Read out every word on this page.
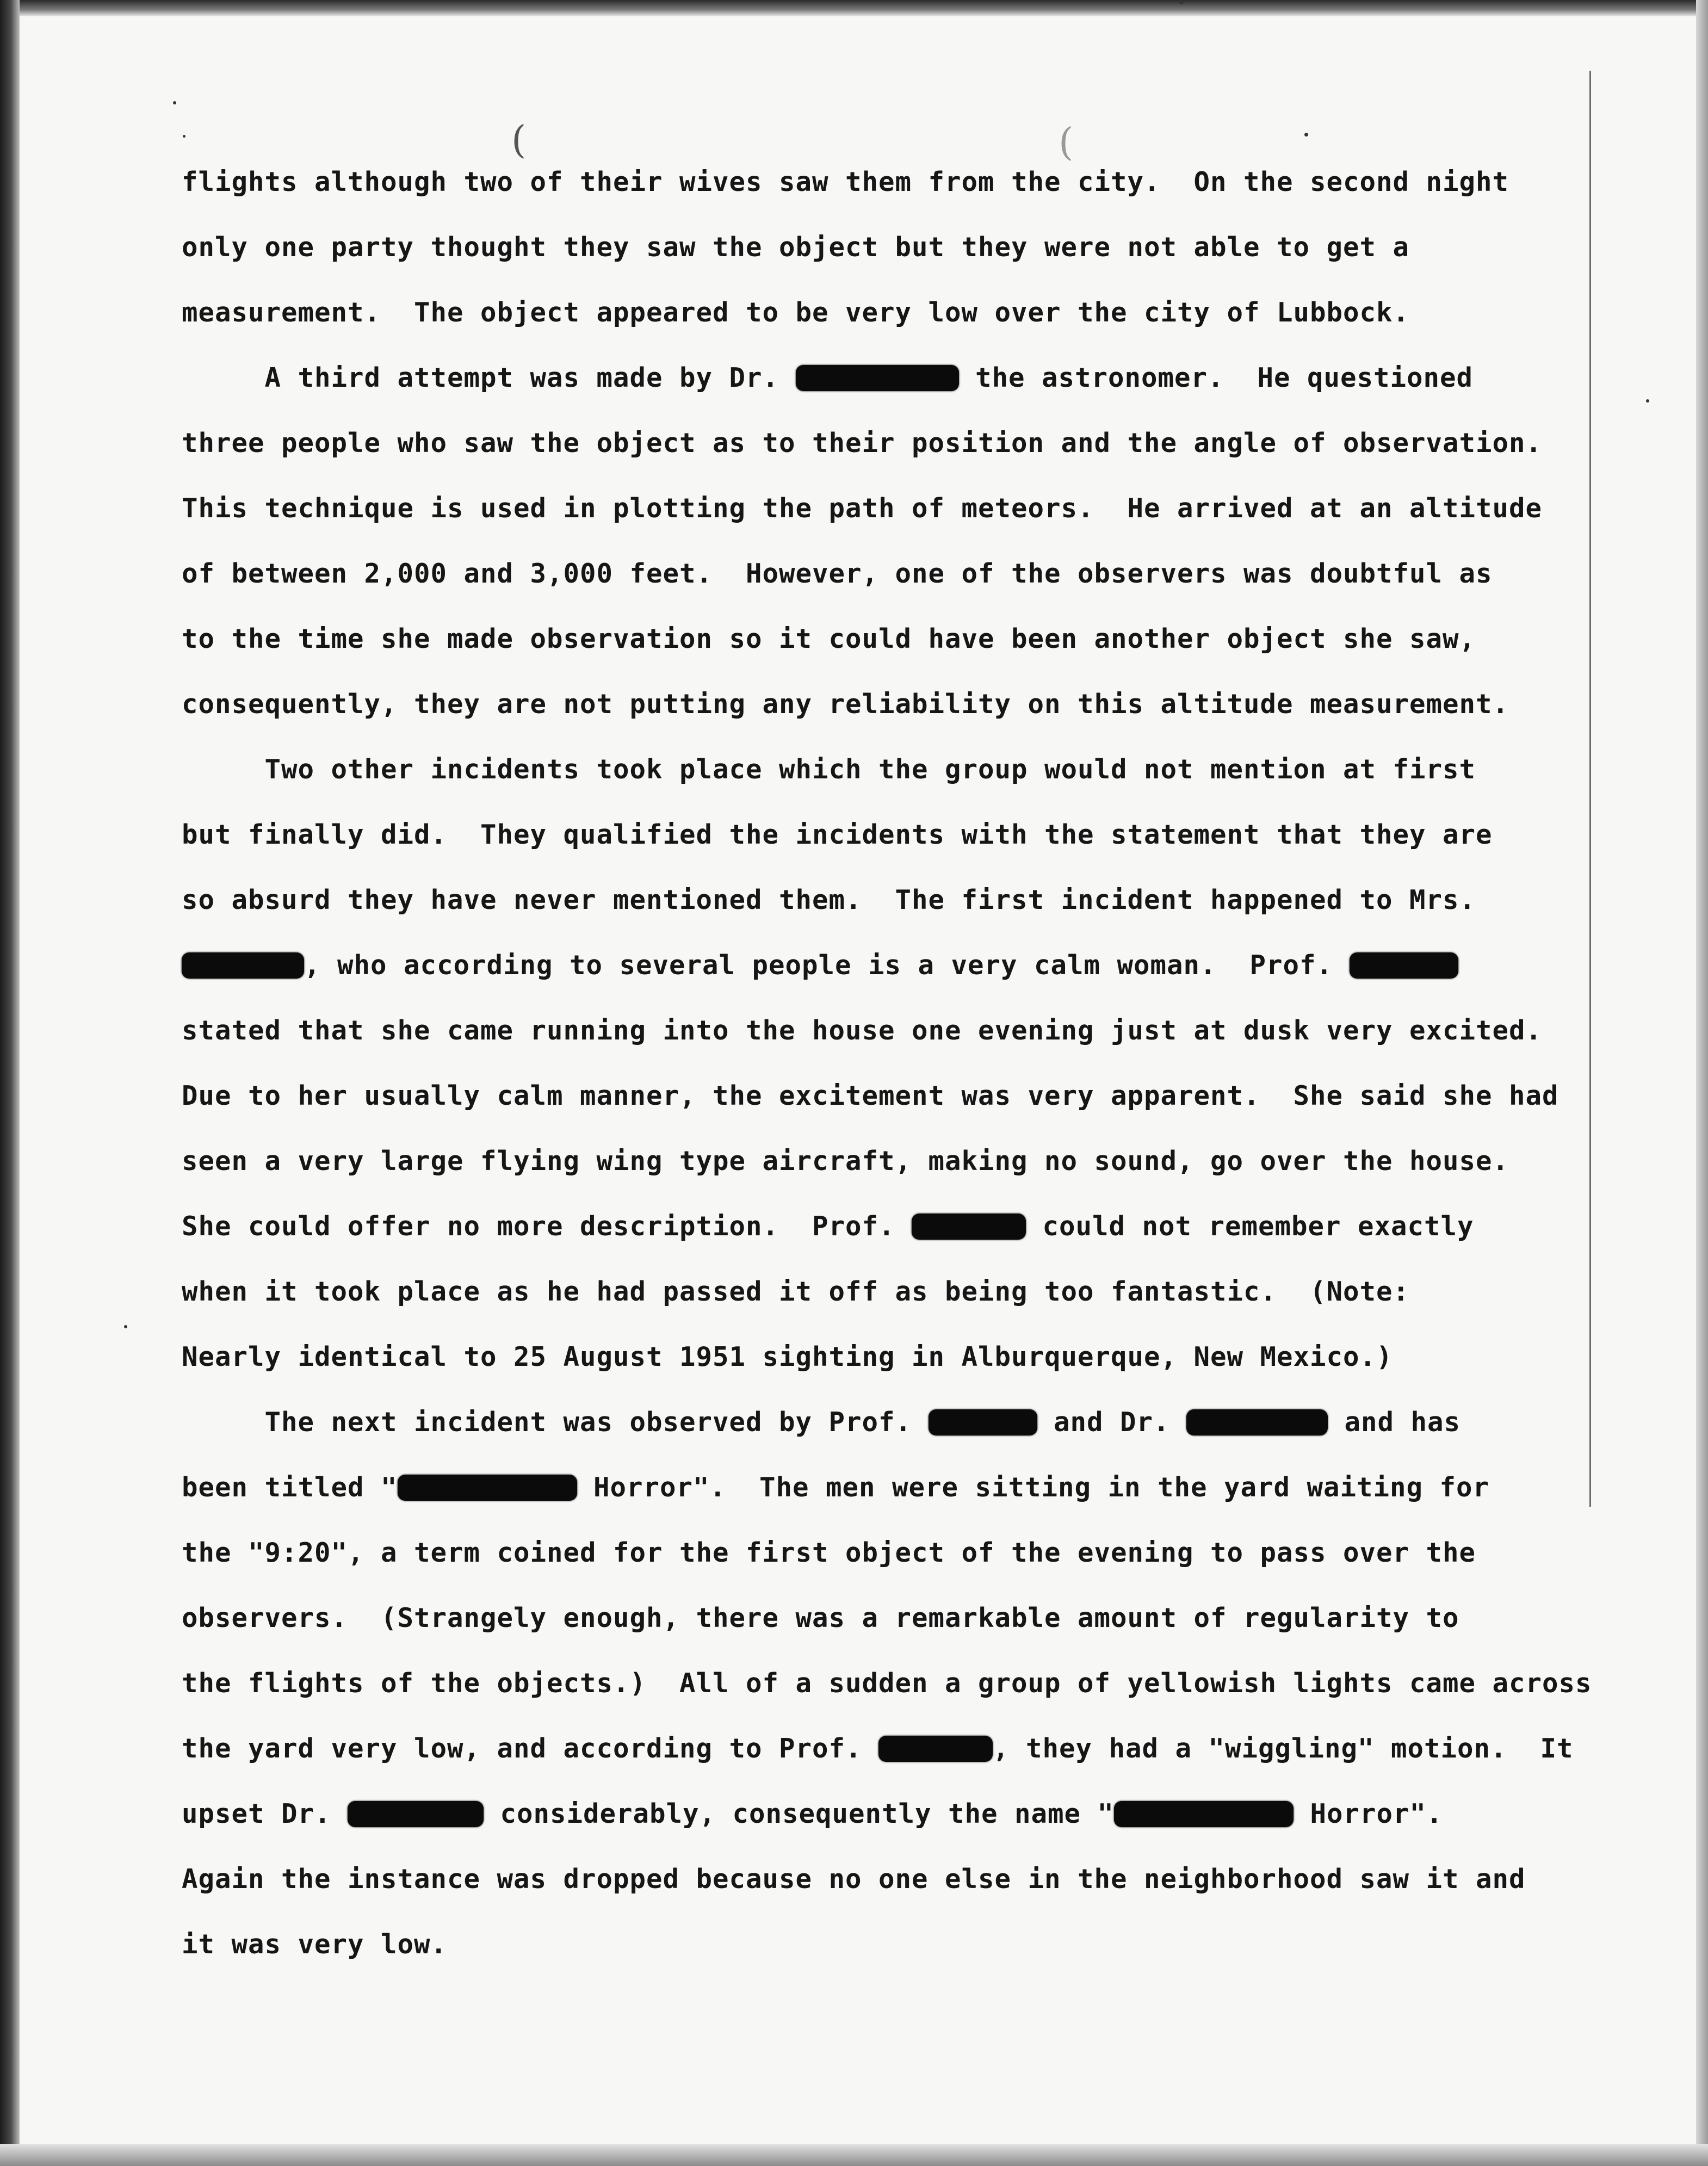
(	(
flights although two of their wives saw them from the city.  On the second night
only one party thought they saw the object but they were not able to get a
measurement.  The object appeared to be very low over the city of Lubbock.
A third attempt was made by Dr.	the astronomer.  He questioned
three people who saw the object as to their position and the angle of observation.
This technique is used in plotting the path of meteors.  He arrived at an altitude
of between 2,000 and 3,000 feet.  However, one of the observers was doubtful as
to the time she made observation so it could have been another object she saw,
consequently, they are not putting any reliability on this altitude measurement.
Two other incidents took place which the group would not mention at first
but finally did.  They qualified the incidents with the statement that they are
so absurd they have never mentioned them.  The first incident happened to Mrs.
, who according to several people is a very calm woman.  Prof.
stated that she came running into the house one evening just at dusk very excited.
Due to her usually calm manner, the excitement was very apparent.  She said she had
seen a very large flying wing type aircraft, making no sound, go over the house.
She could offer no more description.  Prof.	could not remember exactly
when it took place as he had passed it off as being too fantastic.  (Note:
Nearly identical to 25 August 1951 sighting in Alburquerque, New Mexico.)
The next incident was observed by Prof.	and Dr.	and has
been titled "	Horror".  The men were sitting in the yard waiting for
the "9:20", a term coined for the first object of the evening to pass over the
observers.  (Strangely enough, there was a remarkable amount of regularity to
the flights of the objects.)  All of a sudden a group of yellowish lights came across
the yard very low, and according to Prof.	, they had a "wiggling" motion.  It
upset Dr.	considerably, consequently the name "	Horror".
Again the instance was dropped because no one else in the neighborhood saw it and
it was very low.
